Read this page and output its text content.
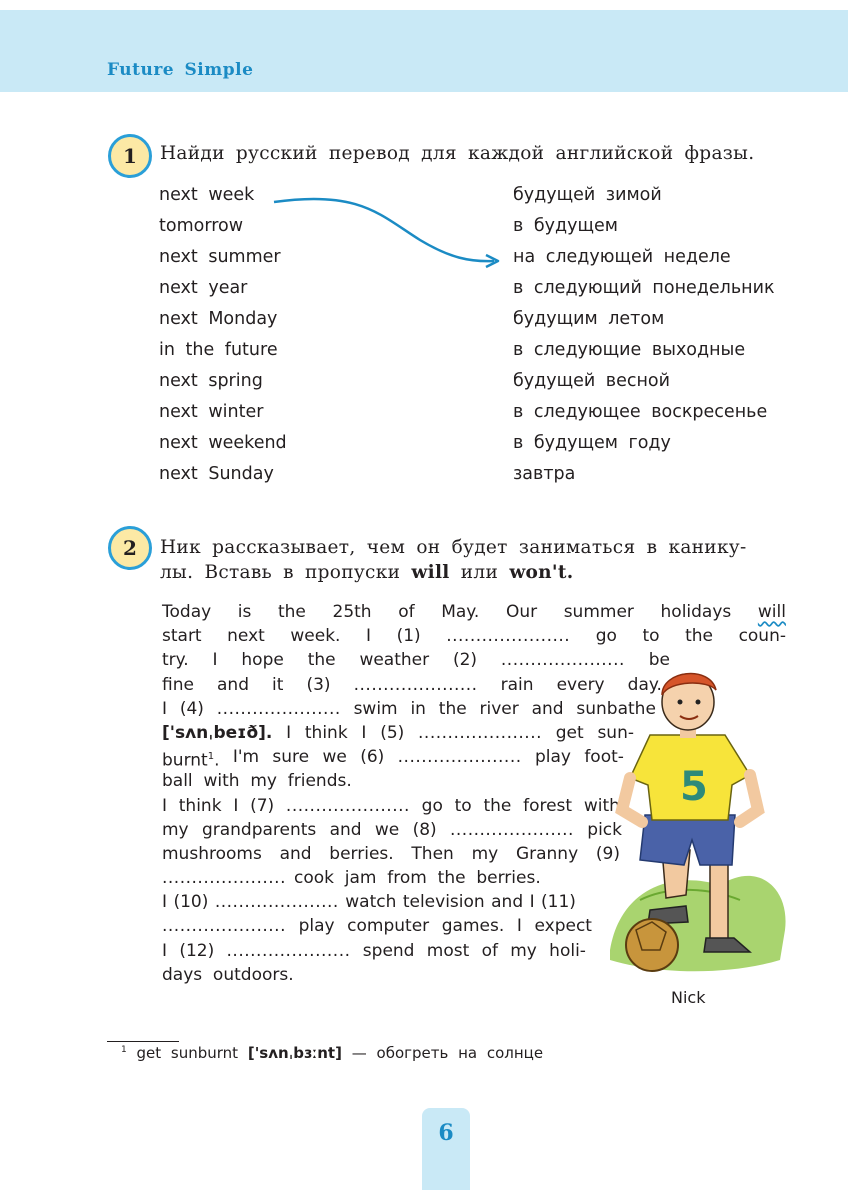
Future Simple
1	Найди русский перевод для каждой английской фразы.
next week
tomorrow
next summer
next year
next Monday
in the future
next spring
next winter
next weekend
next Sunday
будущей зимой
в будущем
на следующей неделе
в следующий понедельник
будущим летом
в следующие выходные
будущей весной
в следующее воскресенье
в будущем году
завтра
2	Ник рассказывает, чем он будет заниматься в канику-
лы. Вставь в пропуски will или won't.
Today is the 25th of May. Our summer holidays will
start next week. I (1) ..................... go to the coun-
try. I hope the weather (2) ..................... be
fine and it (3) ..................... rain every day.
I (4) ..................... swim in the river and sunbathe
['sʌnˌbeɪð]. I think I (5) ..................... get sun-
burnt$^1$. I'm sure we (6) ..................... play foot-
ball  with  my  friends.
I think I (7) ..................... go to the forest with
my grandparents and we (8) ..................... pick
mushrooms and berries. Then my Granny (9)
..................... cook  jam  from  the  berries.
I (10) ..................... watch television and I (11)
..................... play computer games. I expect
I (12) ..................... spend most of my holi-
days  outdoors.
5
Nick
$^1$ get sunburnt ['sʌnˌbɜːnt] — обогреть на солнце
6
